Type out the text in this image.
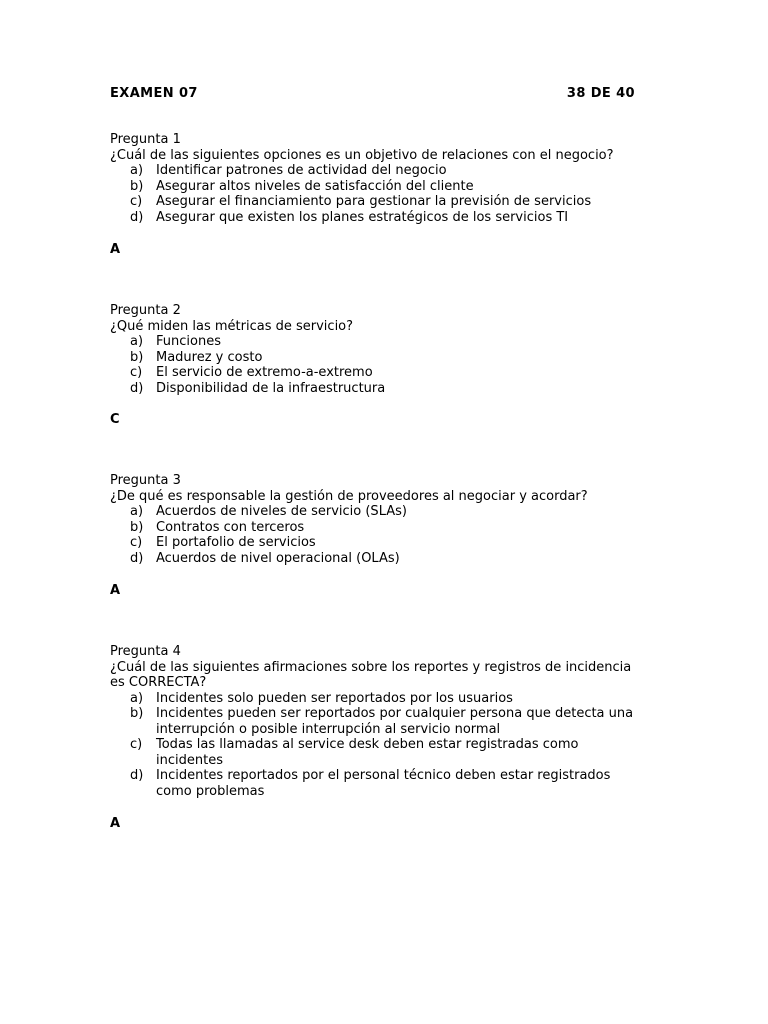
EXAMEN 07	38 DE 40
Pregunta 1
¿Cuál de las siguientes opciones es un objetivo de relaciones con el negocio?
a) Identificar patrones de actividad del negocio
b) Asegurar altos niveles de satisfacción del cliente
c)	Asegurar el financiamiento para gestionar la previsión de servicios
d) Asegurar que existen los planes estratégicos de los servicios TI
A
Pregunta 2
¿Qué miden las métricas de servicio?
a) Funciones
b) Madurez y costo
c)	El servicio de extremo-a-extremo
d) Disponibilidad de la infraestructura
C
Pregunta 3
¿De qué es responsable la gestión de proveedores al negociar y acordar?
a) Acuerdos de niveles de servicio (SLAs)
b) Contratos con terceros
c)	El portafolio de servicios
d) Acuerdos de nivel operacional (OLAs)
A
Pregunta 4
¿Cuál de las siguientes afirmaciones sobre los reportes y registros de incidencia es CORRECTA?
a) Incidentes solo pueden ser reportados por los usuarios
b) Incidentes pueden ser reportados por cualquier persona que detecta una interrupción o posible interrupción al servicio normal
c)	Todas las llamadas al service desk deben estar registradas como incidentes
d) Incidentes reportados por el personal técnico deben estar registrados como problemas
A
